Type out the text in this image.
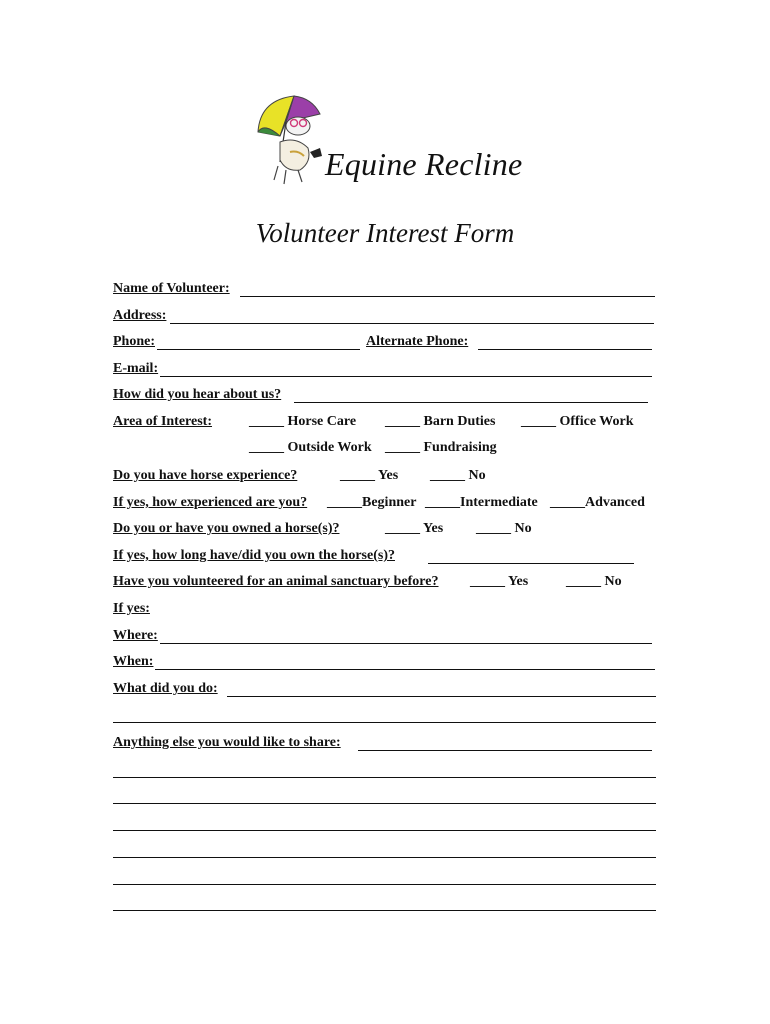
Equine Recline
Volunteer Interest Form
Name of Volunteer:
Address:
Phone:	Alternate Phone:
E-mail:
How did you hear about us?
Area of Interest:	_____ Horse Care _____ Barn Duties _____ Office Work
_____ Outside Work _____ Fundraising
Do you have horse experience?	_____ Yes _____ No
If yes, how experienced are you? _____Beginner _____Intermediate _____Advanced
Do you or have you owned a horse(s)?	_____ Yes _____ No
If yes, how long have/did you own the horse(s)?
Have you volunteered for an animal sanctuary before? _____ Yes	_____ No
If yes:
Where:
When:
What did you do:
Anything else you would like to share:
